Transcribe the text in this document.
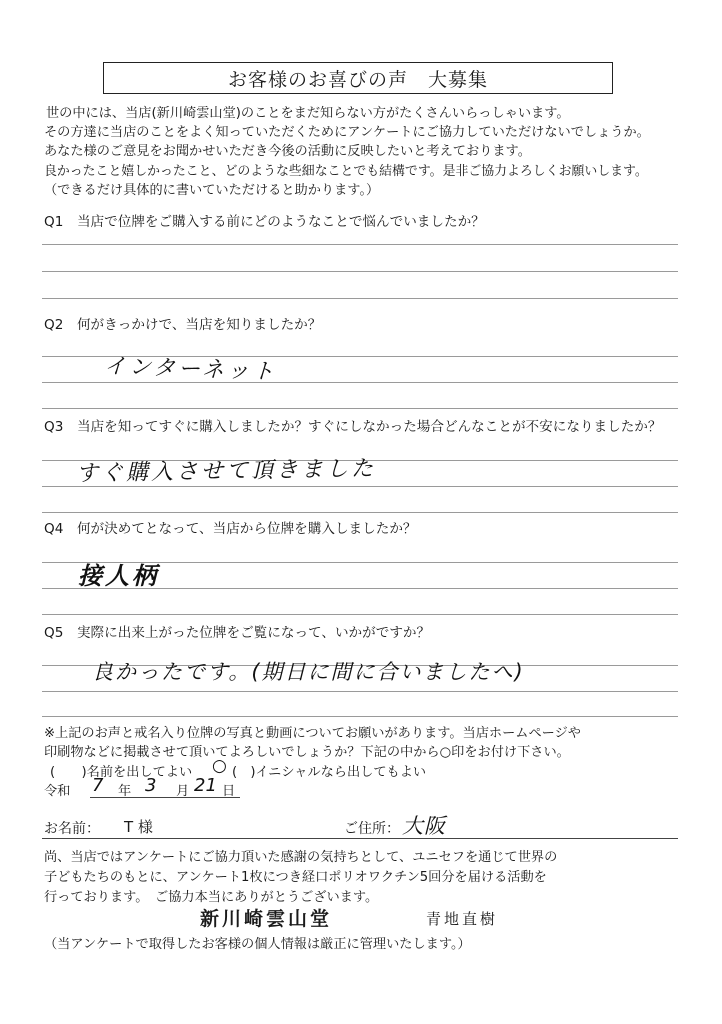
お客様のお喜びの声　大募集
世の中には、当店(新川崎雲山堂)のことをまだ知らない方がたくさんいらっしゃいます。
その方達に当店のことをよく知っていただくためにアンケートにご協力していただけないでしょうか。
あなた様のご意見をお聞かせいただき今後の活動に反映したいと考えております。
良かったこと嬉しかったこと、どのような些細なことでも結構です。是非ご協力よろしくお願いします。
（できるだけ具体的に書いていただけると助かります。）
Q1　当店で位牌をご購入する前にどのようなことで悩んでいましたか？
Q2　何がきっかけで、当店を知りましたか？
インターネット
Q3　当店を知ってすぐに購入しましたか？すぐにしなかった場合どんなことが不安になりましたか？
すぐ購入させて頂きました
Q4　何が決めてとなって、当店から位牌を購入しましたか？
接人柄
Q5　実際に出来上がった位牌をご覧になって、いかがですか？
良かったです。(期日に間に合いましたへ)
※上記のお声と戒名入り位牌の写真と動画についてお願いがあります。当店ホームページや
印刷物などに掲載させて頂いてよろしいでしょうか？下記の中から○印をお付け下さい。
(　　)名前を出してよい ○ (　)イニシャルなら出してもよい
令和 7 年 3 月 21 日
お名前： T 様	ご住所： 大阪
尚、当店ではアンケートにご協力頂いた感謝の気持ちとして、ユニセフを通じて世界の
子どもたちのもとに、アンケート1枚につき経口ポリオワクチン5回分を届ける活動を
行っております。　ご協力本当にありがとうございます。
新川崎雲山堂	青地直樹
（当アンケートで取得したお客様の個人情報は厳正に管理いたします。）
